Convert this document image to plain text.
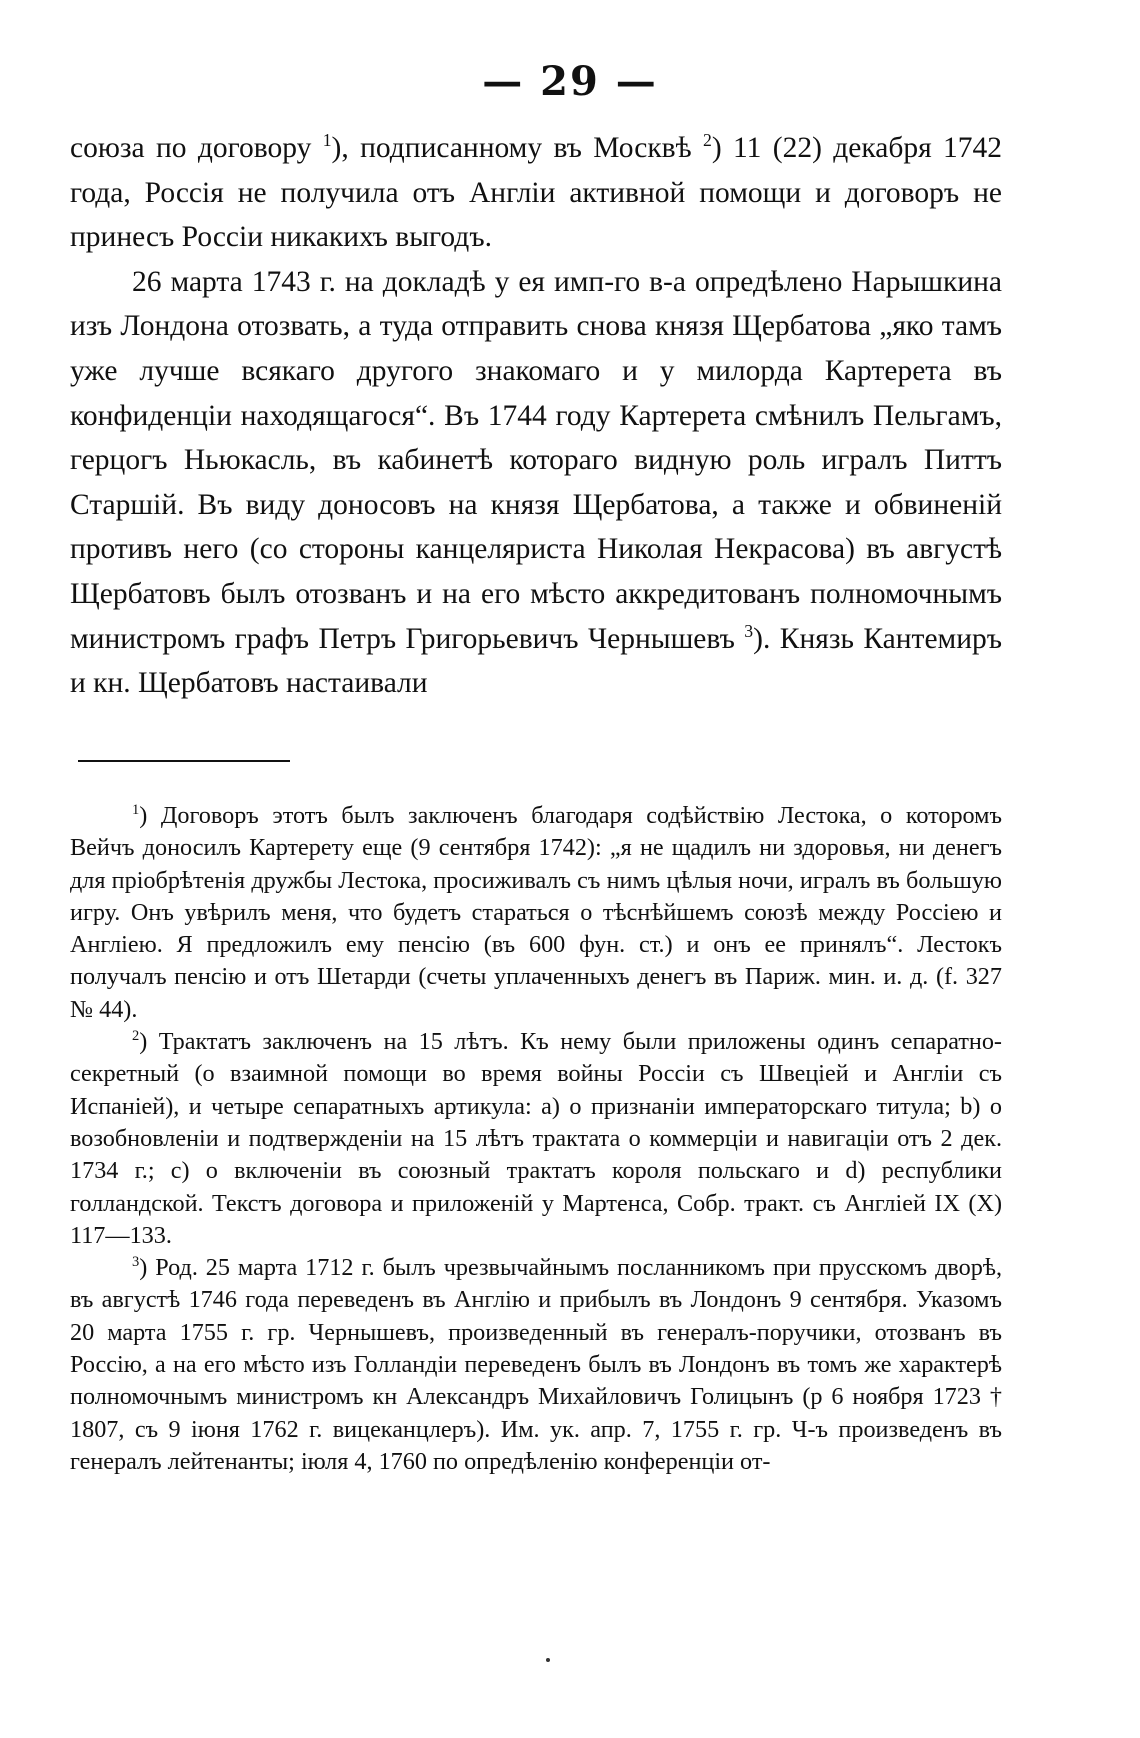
— 29 —

союза по договору $^1$), подписанному въ Москвѣ $^2$) 11 (22) декабря 1742 года, Россія не получила отъ Англіи активной помощи и договоръ не принесъ Россіи никакихъ выгодъ.

26 марта 1743 г. на докладѣ у ея имп-го в-а опредѣлено Нарышкина изъ Лондона отозвать, а туда отправить снова князя Щербатова „яко тамъ уже лучше всякаго другого знакомаго и у милорда Картерета въ конфиденціи находящагося“. Въ 1744 году Картерета смѣнилъ Пельгамъ, герцогъ Ньюкасль, въ кабинетѣ котораго видную роль игралъ Питтъ Старшій. Въ виду доносовъ на князя Щербатова, а также и обвиненій противъ него (со стороны канцеляриста Николая Некрасова) въ августѣ Щербатовъ былъ отозванъ и на его мѣсто аккредитованъ полномочнымъ министромъ графъ Петръ Григорьевичъ Чернышевъ $^3$). Князь Кантемиръ и кн. Щербатовъ настаивали

$^1$) Договоръ этотъ былъ заключенъ благодаря содѣйствію Лестока, о которомъ Вейчъ доносилъ Картерету еще (9 сентября 1742): „я не щадилъ ни здоровья, ни денегъ для пріобрѣтенія дружбы Лестока, просиживалъ съ нимъ цѣлыя ночи, игралъ въ большую игру. Онъ увѣрилъ меня, что будетъ стараться о тѣснѣйшемъ союзѣ между Россіею и Англіею. Я предложилъ ему пенсію (въ 600 фун. ст.) и онъ ее принялъ“. Лестокъ получалъ пенсію и отъ Шетарди (счеты уплаченныхъ денегъ въ Париж. мин. и. д. (f. 327 № 44).

$^2$) Трактатъ заключенъ на 15 лѣтъ. Къ нему были приложены одинъ сепаратно-секретный (о взаимной помощи во время войны Россіи съ Швеціей и Англіи съ Испаніей), и четыре сепаратныхъ артикула: a) о признаніи императорскаго титула; b) о возобновленіи и подтвержденіи на 15 лѣтъ трактата о коммерціи и навигаціи отъ 2 дек. 1734 г.; c) о включеніи въ союзный трактатъ короля польскаго и d) республики голландской. Текстъ договора и приложеній у Мартенса, Собр. тракт. съ Англіей IX (X) 117—133.

$^3$) Род. 25 марта 1712 г. былъ чрезвычайнымъ посланникомъ при прусскомъ дворѣ, въ августѣ 1746 года переведенъ въ Англію и прибылъ въ Лондонъ 9 сентября. Указомъ 20 марта 1755 г. гр. Чернышевъ, произведенный въ генералъ-поручики, отозванъ въ Россію, а на его мѣсто изъ Голландіи переведенъ былъ въ Лондонъ въ томъ же характерѣ полномочнымъ министромъ кн Александръ Михайловичъ Голицынъ (р 6 ноября 1723 † 1807, съ 9 іюня 1762 г. вицеканцлеръ). Им. ук. апр. 7, 1755 г. гр. Ч-ъ произведенъ въ генералъ лейтенанты; іюля 4, 1760 по опредѣленію конференціи от-
